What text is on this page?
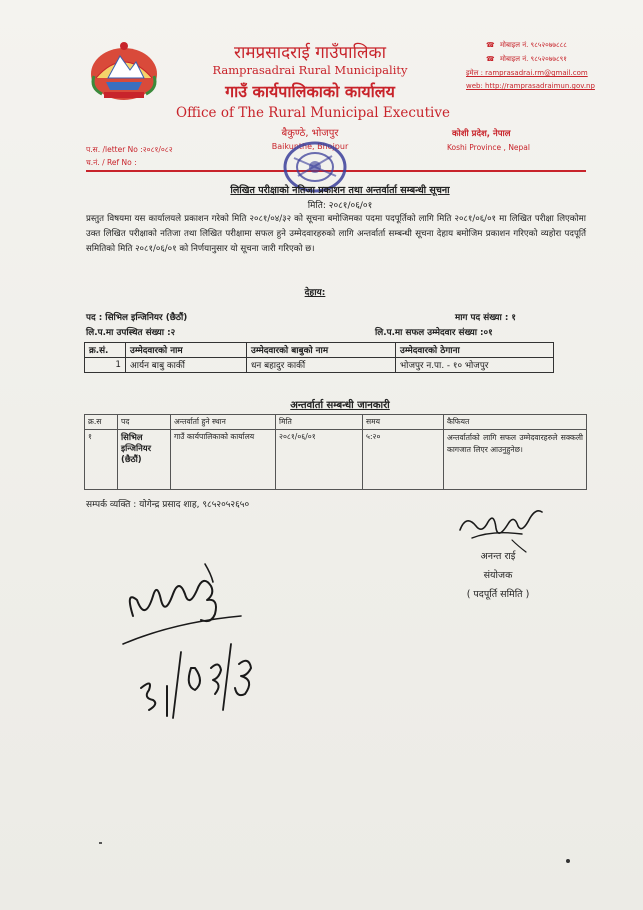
रामप्रसादराई गाउँपालिका
Ramprasadrai Rural Municipality
गाउँ कार्यपालिकाको कार्यालय
Office of The Rural Municipal Executive
बैकुण्ठे, भोजपुर
Baikunthe, Bhojpur
☎ मोबाइल नं. ९८५२०७७८८८
☎ मोबाइल नं. ९८५२०७७८९१
इमेल : ramprasadrai.rm@gmail.com
web: http://ramprasadraimun.gov.np
कोशी प्रदेश, नेपाल
Koshi Province , Nepal
प.स. /letter No :२०८१/०८२
च.नं. / Ref No :
लिखित परीक्षाको नतिजा प्रकाशन तथा अन्तर्वार्ता सम्बन्धी सूचना
मिति: २०८१/०६/०१
प्रस्तुत विषयमा यस कार्यालयले प्रकाशन गरेको मिति २०८१/०४/३२ को सूचना बमोजिमका पदमा पदपूर्तिको लागि मिति २०८१/०६/०१ मा लिखित परीक्षा लिएकोमा उक्त लिखित परीक्षाको नतिजा तथा लिखित परीक्षामा सफल हुने उम्मेदवारहरुको लागि अन्तर्वार्ता सम्बन्धी सूचना देहाय बमोजिम प्रकाशन गरिएको व्यहोरा पदपूर्ति समितिको मिति २०८१/०६/०१ को निर्णयानुसार यो सूचना जारी गरिएको छ।
देहाय:
पद : सिभिल इन्जिनियर (छैठौं)	माग पद संख्या : १
लि.प.मा उपस्थित संख्या :२	लि.प.मा सफल उम्मेदवार संख्या :०१
क्र.सं.	उम्मेदवारको नाम	उम्मेदवारको बाबुको नाम	उम्मेदवारको ठेगाना
1	आर्यन बाबु कार्की	धन बहादुर कार्की	भोजपुर न.पा. - १० भोजपुर
अन्तर्वार्ता सम्बन्धी जानकारी
क्र.स	पद	अन्तर्वार्ता हुने स्थान	मिति	समय	कैफियत
१	सिभिल इन्जिनियर (छैठौं)	गाउँ कार्यपालिकाको कार्यालय	२०८१/०६/०१	५:२०	अन्तर्वार्ताको लागि सफल उम्मेदवारहरुले सक्कली कागजात लिएर आउनुहुनेछ।
सम्पर्क व्यक्ति : योगेन्द्र प्रसाद शाह, ९८५२०५२६५०
अनन्त राई
संयोजक
( पदपूर्ति समिति )
